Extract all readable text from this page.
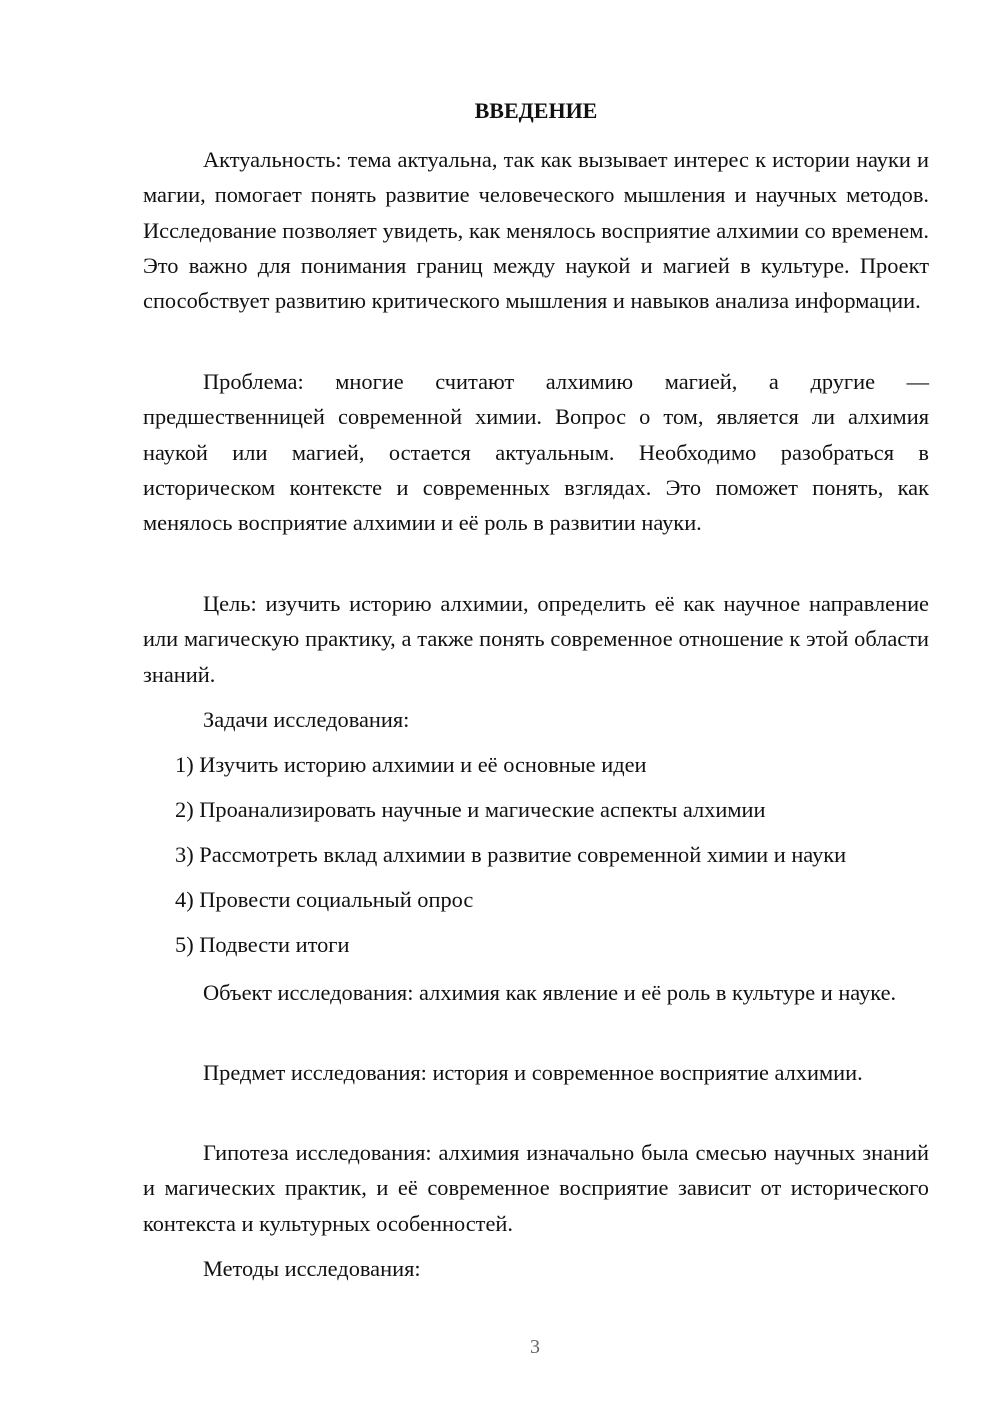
ВВЕДЕНИЕ

Актуальность: тема актуальна, так как вызывает интерес к истории науки и магии, помогает понять развитие человеческого мышления и научных методов. Исследование позволяет увидеть, как менялось восприятие алхимии со временем. Это важно для понимания границ между наукой и магией в культуре. Проект способствует развитию критического мышления и навыков анализа информации.

Проблема: многие считают алхимию магией, а другие — предшественницей современной химии. Вопрос о том, является ли алхимия наукой или магией, остается актуальным. Необходимо разобраться в историческом контексте и современных взглядах. Это поможет понять, как менялось восприятие алхимии и её роль в развитии науки.

Цель: изучить историю алхимии, определить её как научное направление или магическую практику, а также понять современное отношение к этой области знаний.

Задачи исследования:

1) Изучить историю алхимии и её основные идеи

2) Проанализировать научные и магические аспекты алхимии

3) Рассмотреть вклад алхимии в развитие современной химии и науки

4) Провести социальный опрос

5) Подвести итоги

Объект исследования: алхимия как явление и её роль в культуре и науке.

Предмет исследования: история и современное восприятие алхимии.

Гипотеза исследования: алхимия изначально была смесью научных знаний и магических практик, и её современное восприятие зависит от исторического контекста и культурных особенностей.

Методы исследования:

3
